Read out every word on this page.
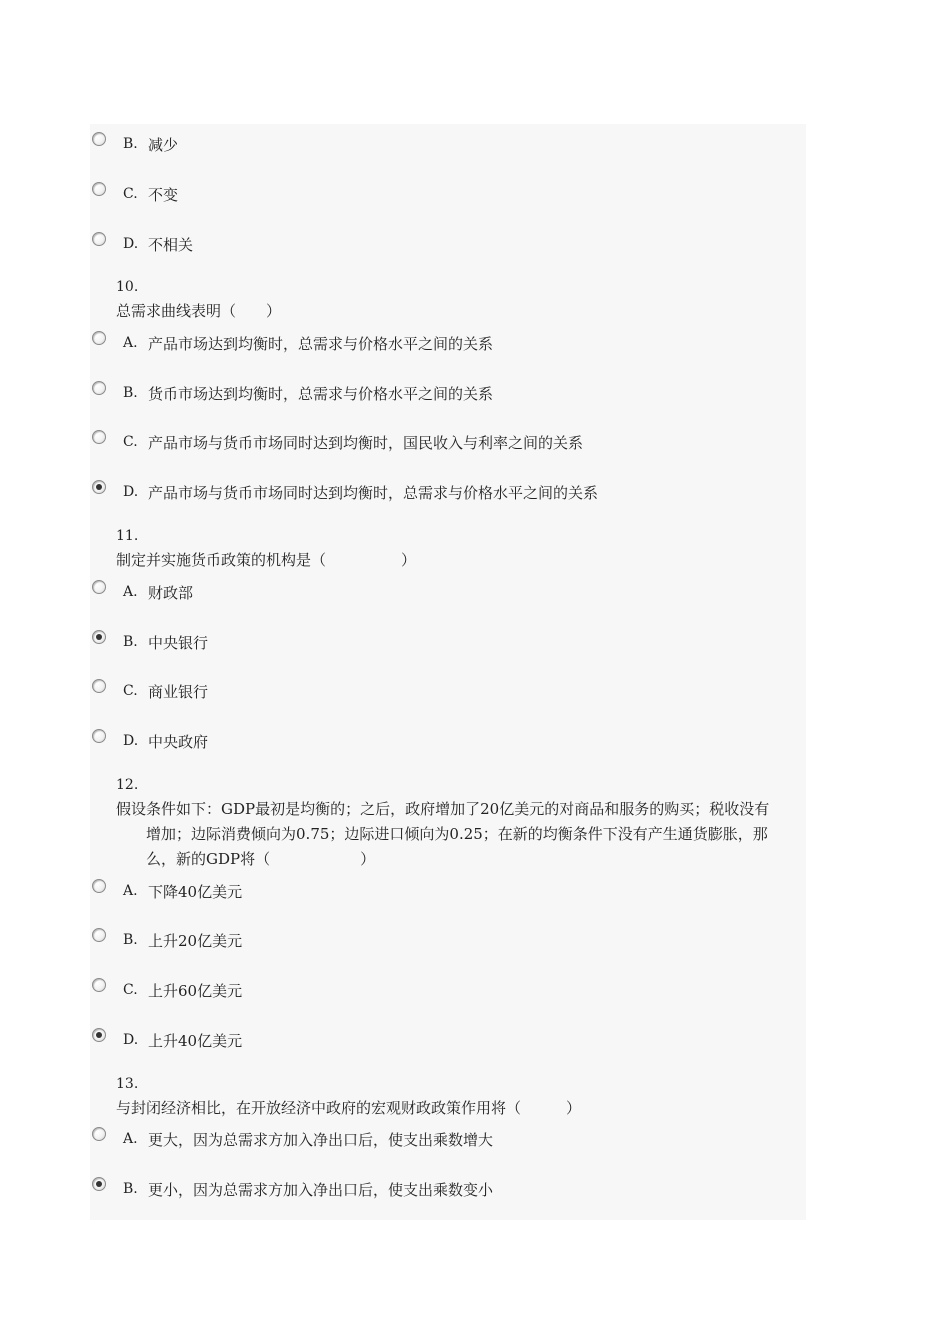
B. 减少
C. 不变
D. 不相关
10.
总需求曲线表明（　　）
A. 产品市场达到均衡时，总需求与价格水平之间的关系
B. 货币市场达到均衡时，总需求与价格水平之间的关系
C. 产品市场与货币市场同时达到均衡时，国民收入与利率之间的关系
D. 产品市场与货币市场同时达到均衡时，总需求与价格水平之间的关系
11.
制定并实施货币政策的机构是（　　　　　）
A. 财政部
B. 中央银行
C. 商业银行
D. 中央政府
12.
假设条件如下：GDP最初是均衡的；之后，政府增加了20亿美元的对商品和服务的购买；税收没有
增加；边际消费倾向为0.75；边际进口倾向为0.25；在新的均衡条件下没有产生通货膨胀，那
么，新的GDP将（　　　　　　）
A. 下降40亿美元
B. 上升20亿美元
C. 上升60亿美元
D. 上升40亿美元
13.
与封闭经济相比，在开放经济中政府的宏观财政政策作用将（　　　）
A. 更大，因为总需求方加入净出口后，使支出乘数增大
B. 更小，因为总需求方加入净出口后，使支出乘数变小
